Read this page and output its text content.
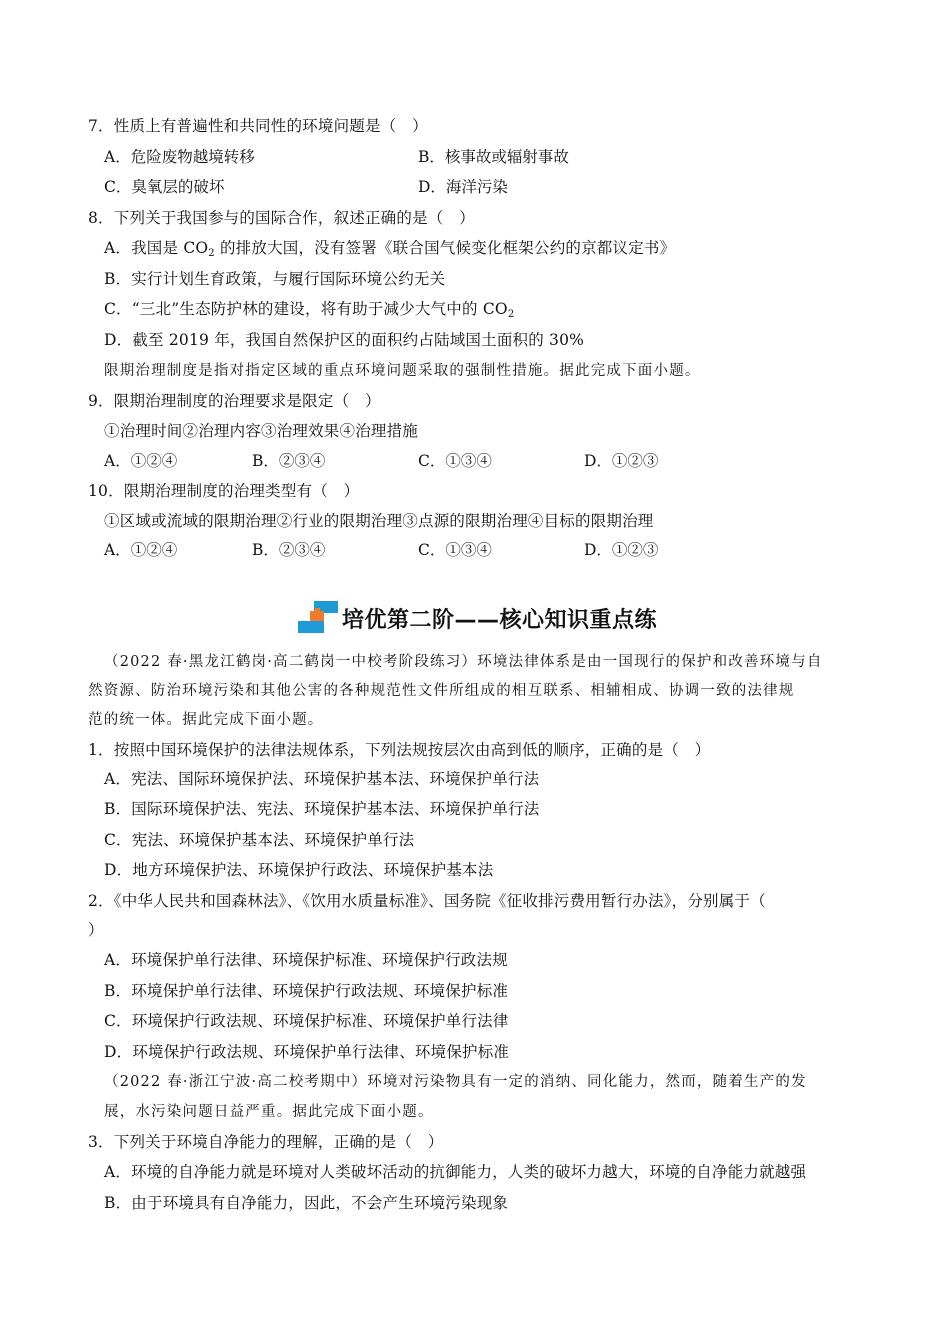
7．性质上有普遍性和共同性的环境问题是（　）
A．危险废物越境转移	B．核事故或辐射事故
C．臭氧层的破坏	D．海洋污染
8．下列关于我国参与的国际合作，叙述正确的是（　）
A．我国是 $CO_2$ 的排放大国，没有签署《联合国气候变化框架公约的京都议定书》
B．实行计划生育政策，与履行国际环境公约无关
C．“三北”生态防护林的建设，将有助于减少大气中的 $CO_2$
D．截至 2019 年，我国自然保护区的面积约占陆域国土面积的 30%
限期治理制度是指对指定区域的重点环境问题采取的强制性措施。据此完成下面小题。
9．限期治理制度的治理要求是限定（　）
①治理时间②治理内容③治理效果④治理措施
A．①②④	B．②③④	C．①③④	D．①②③
10．限期治理制度的治理类型有（　）
①区域或流域的限期治理②行业的限期治理③点源的限期治理④目标的限期治理
A．①②④	B．②③④	C．①③④	D．①②③
培优第二阶——核心知识重点练
（2022 春·黑龙江鹤岗·高二鹤岗一中校考阶段练习）环境法律体系是由一国现行的保护和改善环境与自
然资源、防治环境污染和其他公害的各种规范性文件所组成的相互联系、相辅相成、协调一致的法律规
范的统一体。据此完成下面小题。
1．按照中国环境保护的法律法规体系，下列法规按层次由高到低的顺序，正确的是（　）
A．宪法、国际环境保护法、环境保护基本法、环境保护单行法
B．国际环境保护法、宪法、环境保护基本法、环境保护单行法
C．宪法、环境保护基本法、环境保护单行法
D．地方环境保护法、环境保护行政法、环境保护基本法
2．《中华人民共和国森林法》、《饮用水质量标准》、国务院《征收排污费用暂行办法》，分别属于（
）
A．环境保护单行法律、环境保护标准、环境保护行政法规
B．环境保护单行法律、环境保护行政法规、环境保护标准
C．环境保护行政法规、环境保护标准、环境保护单行法律
D．环境保护行政法规、环境保护单行法律、环境保护标准
（2022 春·浙江宁波·高二校考期中）环境对污染物具有一定的消纳、同化能力，然而，随着生产的发
展，水污染问题日益严重。据此完成下面小题。
3．下列关于环境自净能力的理解，正确的是（　）
A．环境的自净能力就是环境对人类破坏活动的抗御能力，人类的破坏力越大，环境的自净能力就越强
B．由于环境具有自净能力，因此，不会产生环境污染现象
